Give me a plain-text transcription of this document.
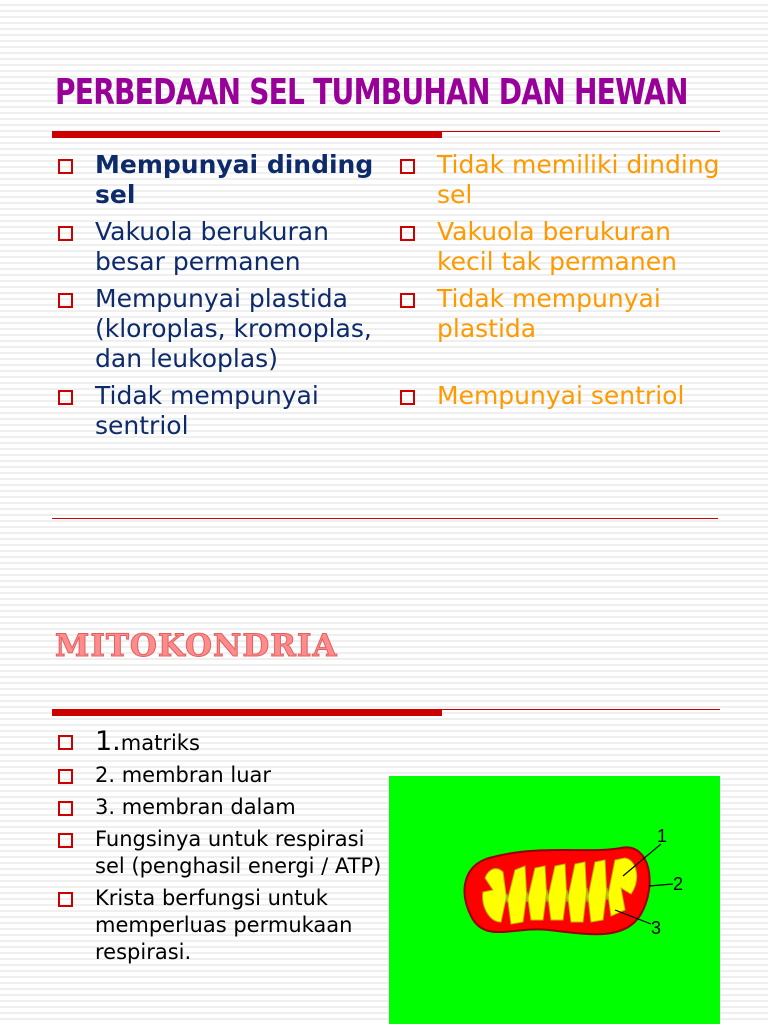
PERBEDAAN SEL TUMBUHAN DAN HEWAN
Mempunyai dinding sel
Vakuola berukuran besar permanen
Mempunyai plastida (kloroplas, kromoplas, dan leukoplas)
Tidak mempunyai sentriol
Tidak memiliki dinding sel
Vakuola berukuran kecil tak permanen
Tidak mempunyai plastida
Mempunyai sentriol
MITOKONDRIA
1.matriks
2. membran luar
3. membran dalam
Fungsinya untuk respirasi sel (penghasil energi / ATP)
Krista berfungsi untuk memperluas permukaan respirasi.
1
2
3
